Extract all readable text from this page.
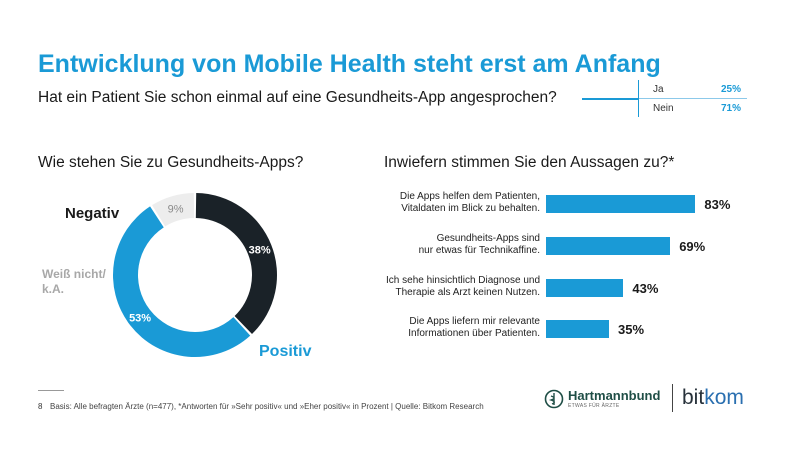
Entwicklung von Mobile Health steht erst am Anfang
Hat ein Patient Sie schon einmal auf eine Gesundheits-App angesprochen?	Ja	25%
Nein	71%
Wie stehen Sie zu Gesundheits-Apps?	Inwiefern stimmen Sie den Aussagen zu?*
38%
53%
9%
Negativ
Weiß nicht/
k.A.
Positiv
Die Apps helfen dem Patienten,
Vitaldaten im Blick zu behalten.	83%
Gesundheits-Apps sind
nur etwas für Technikaffine.	69%
Ich sehe hinsichtlich Diagnose und
Therapie als Arzt keinen Nutzen.	43%
Die Apps liefern mir relevante
Informationen über Patienten.	35%
8 Basis: Alle befragten Ärzte (n=477), *Antworten für »Sehr positiv« und »Eher positiv« in Prozent | Quelle: Bitkom Research
Hartmannbund
ETWAS FÜR ÄRZTE	bitkom
